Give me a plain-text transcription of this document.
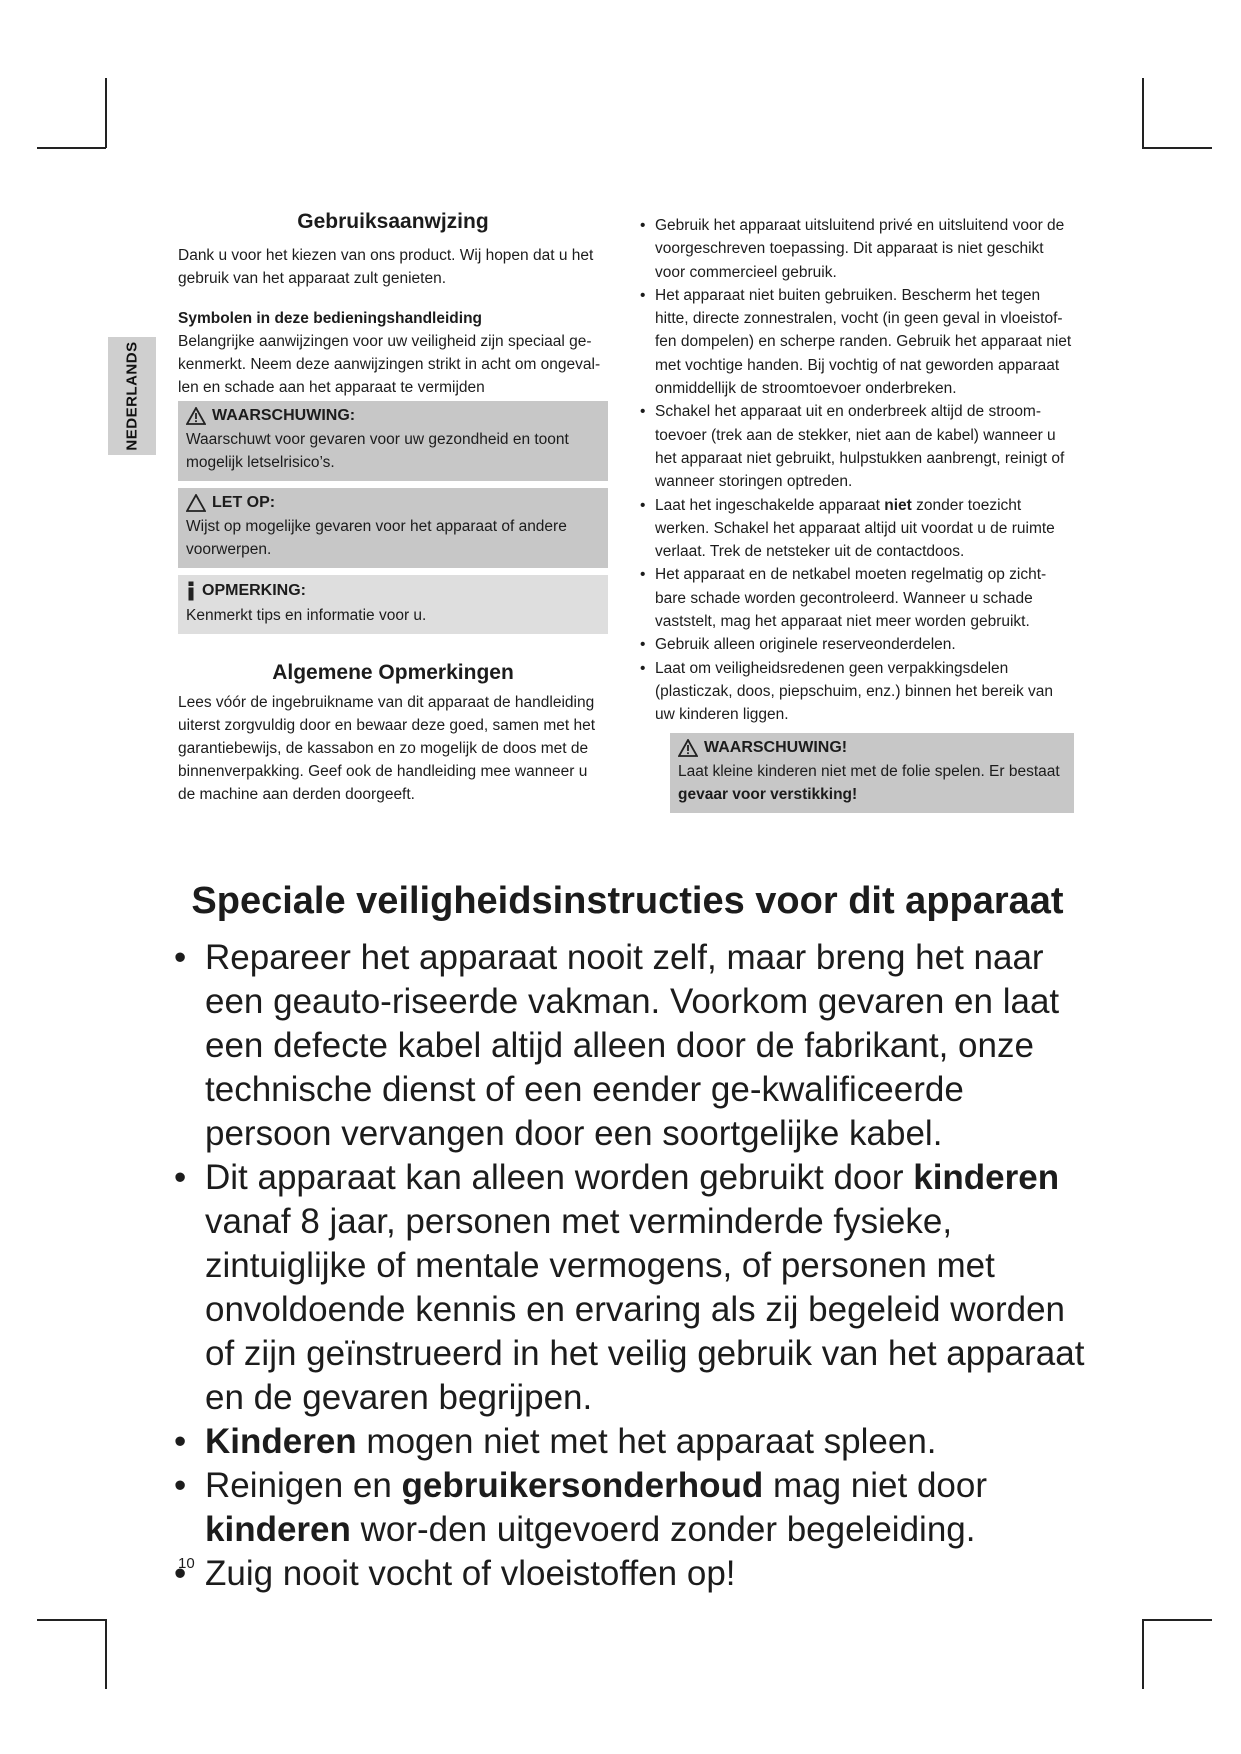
NEDERLANDS
Gebruiksaanwjzing

Dank u voor het kiezen van ons product. Wij hopen dat u het gebruik van het apparaat zult genieten.

Symbolen in deze bedieningshandleiding

Belangrijke aanwijzingen voor uw veiligheid zijn speciaal ge-kenmerkt. Neem deze aanwijzingen strikt in acht om ongeval-len en schade aan het apparaat te vermijden

WAARSCHUWING:
Waarschuwt voor gevaren voor uw gezondheid en toont mogelijk letselrisico’s.
LET OP:
Wijst op mogelijke gevaren voor het apparaat of andere voorwerpen.
OPMERKING:
Kenmerkt tips en informatie voor u.
Algemene Opmerkingen

Lees vóór de ingebruikname van dit apparaat de handleiding uiterst zorgvuldig door en bewaar deze goed, samen met het garantiebewijs, de kassabon en zo mogelijk de doos met de binnenverpakking. Geef ook de handleiding mee wanneer u de machine aan derden doorgeeft.

• Gebruik het apparaat uitsluitend privé en uitsluitend voor de voorgeschreven toepassing. Dit apparaat is niet geschikt voor commercieel gebruik.
• Het apparaat niet buiten gebruiken. Bescherm het tegen hitte, directe zonnestralen, vocht (in geen geval in vloeistof-fen dompelen) en scherpe randen. Gebruik het apparaat niet met vochtige handen. Bij vochtig of nat geworden apparaat onmiddellijk de stroomtoevoer onderbreken.
• Schakel het apparaat uit en onderbreek altijd de stroom-toevoer (trek aan de stekker, niet aan de kabel) wanneer u het apparaat niet gebruikt, hulpstukken aanbrengt, reinigt of wanneer storingen optreden.
• Laat het ingeschakelde apparaat niet zonder toezicht werken. Schakel het apparaat altijd uit voordat u de ruimte verlaat. Trek de netsteker uit de contactdoos.
• Het apparaat en de netkabel moeten regelmatig op zicht-bare schade worden gecontroleerd. Wanneer u schade vaststelt, mag het apparaat niet meer worden gebruikt.
• Gebruik alleen originele reserveonderdelen.
• Laat om veiligheidsredenen geen verpakkingsdelen (plasticzak, doos, piepschuim, enz.) binnen het bereik van uw kinderen liggen.
WAARSCHUWING!
Laat kleine kinderen niet met de folie spelen. Er bestaat gevaar voor verstikking!
Speciale veiligheidsinstructies voor dit apparaat
• Repareer het apparaat nooit zelf, maar breng het naar een geauto-riseerde vakman. Voorkom gevaren en laat een defecte kabel altijd alleen door de fabrikant, onze technische dienst of een eender ge-kwalificeerde persoon vervangen door een soortgelijke kabel.
• Dit apparaat kan alleen worden gebruikt door kinderen vanaf 8 jaar, personen met verminderde fysieke, zintuiglijke of mentale vermogens, of personen met onvoldoende kennis en ervaring als zij begeleid worden of zijn geïnstrueerd in het veilig gebruik van het apparaat en de gevaren begrijpen.
• Kinderen mogen niet met het apparaat spleen.
• Reinigen en gebruikersonderhoud mag niet door kinderen wor-den uitgevoerd zonder begeleiding.
• Zuig nooit vocht of vloeistoffen op!
10
